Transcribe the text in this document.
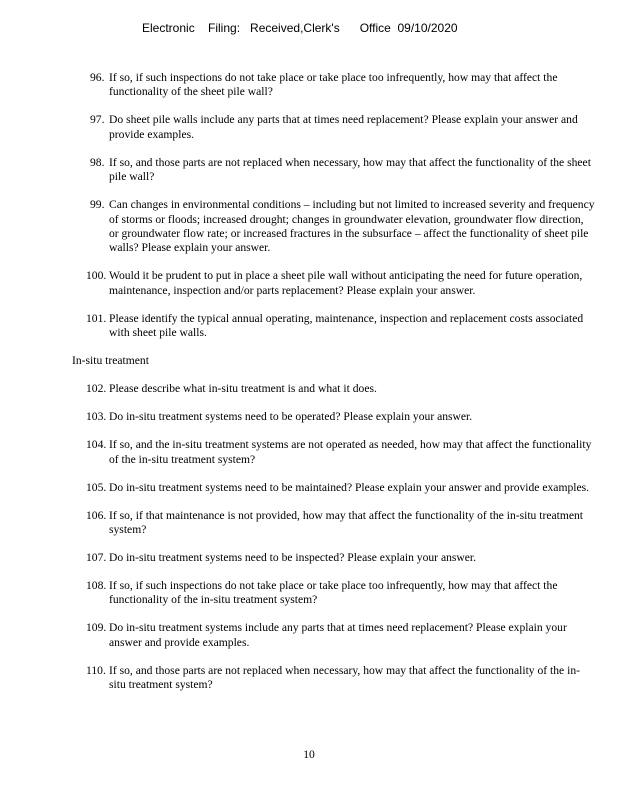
Electronic    Filing:   Received,Clerk's      Office  09/10/2020
96. If so, if such inspections do not take place or take place too infrequently, how may that affect the functionality of the sheet pile wall?
97. Do sheet pile walls include any parts that at times need replacement? Please explain your answer and provide examples.
98. If so, and those parts are not replaced when necessary, how may that affect the functionality of the sheet pile wall?
99. Can changes in environmental conditions – including but not limited to increased severity and frequency of storms or floods; increased drought; changes in groundwater elevation, groundwater flow direction, or groundwater flow rate; or increased fractures in the subsurface – affect the functionality of sheet pile walls? Please explain your answer.
100. Would it be prudent to put in place a sheet pile wall without anticipating the need for future operation, maintenance, inspection and/or parts replacement? Please explain your answer.
101. Please identify the typical annual operating, maintenance, inspection and replacement costs associated with sheet pile walls.
In-situ treatment
102. Please describe what in-situ treatment is and what it does.
103. Do in-situ treatment systems need to be operated? Please explain your answer.
104. If so, and the in-situ treatment systems are not operated as needed, how may that affect the functionality of the in-situ treatment system?
105. Do in-situ treatment systems need to be maintained? Please explain your answer and provide examples.
106. If so, if that maintenance is not provided, how may that affect the functionality of the in-situ treatment system?
107. Do in-situ treatment systems need to be inspected? Please explain your answer.
108. If so, if such inspections do not take place or take place too infrequently, how may that affect the functionality of the in-situ treatment system?
109. Do in-situ treatment systems include any parts that at times need replacement? Please explain your answer and provide examples.
110. If so, and those parts are not replaced when necessary, how may that affect the functionality of the in-situ treatment system?
10
